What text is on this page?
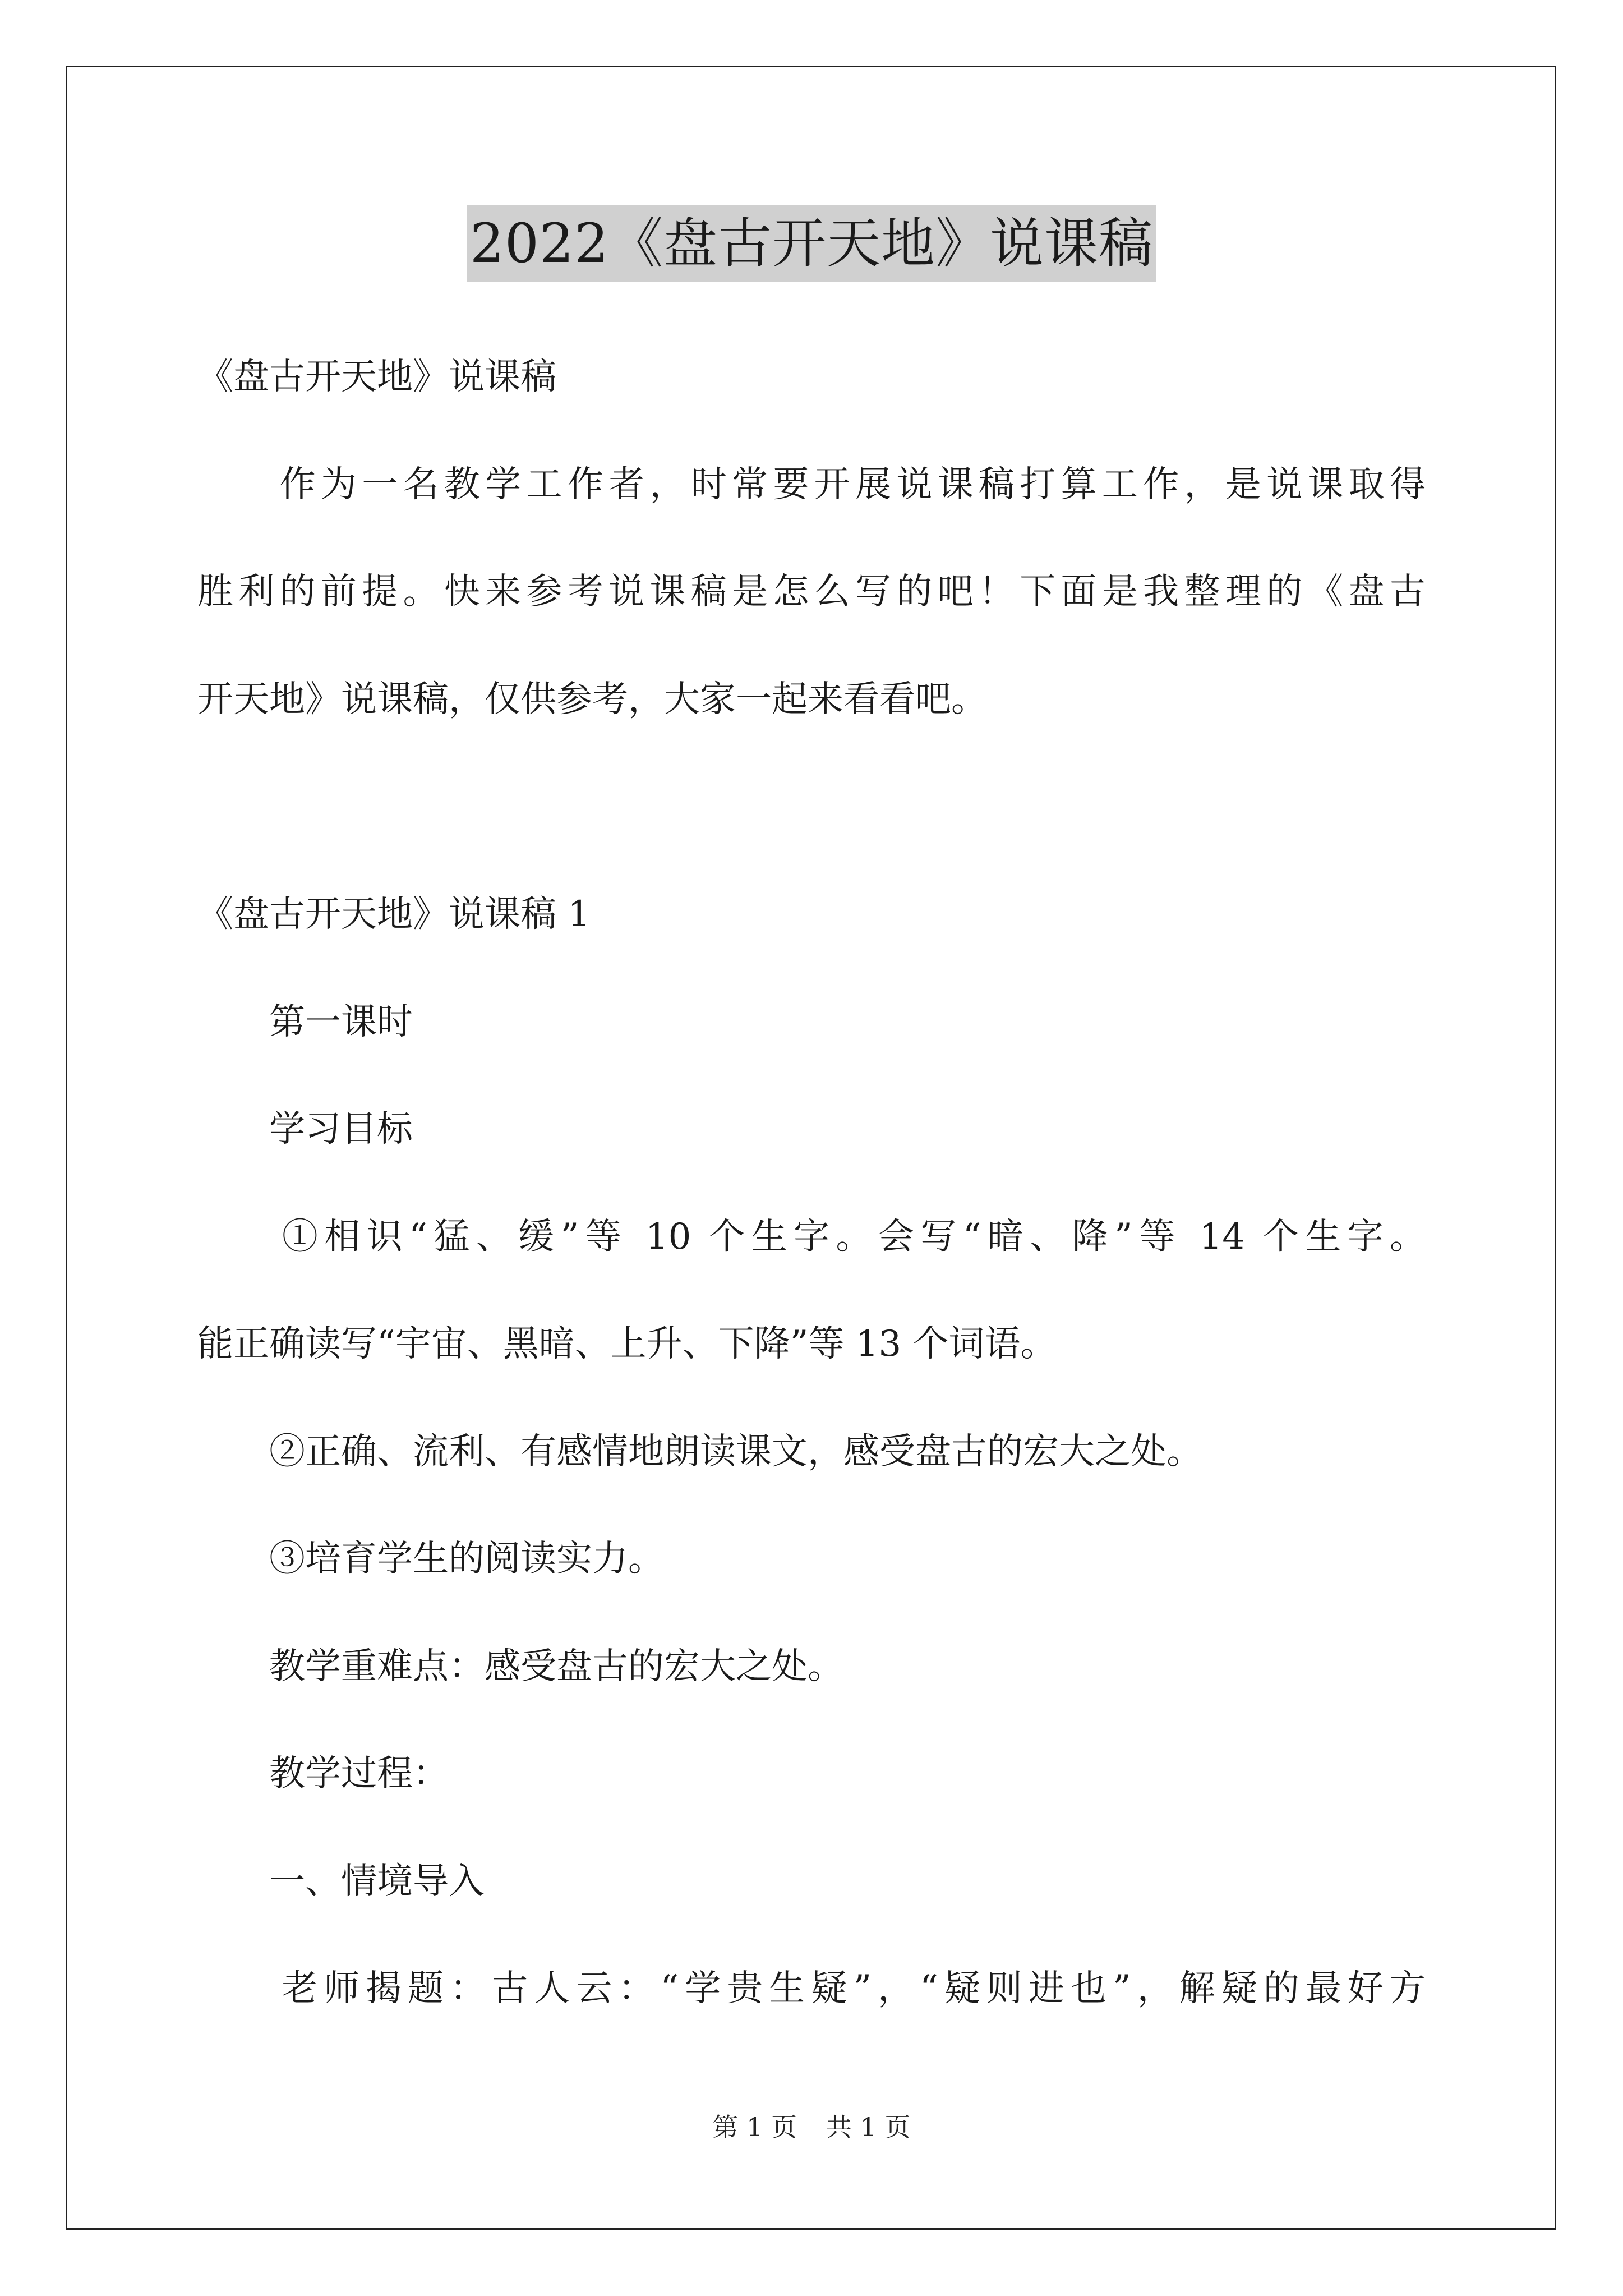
2022《盘古开天地》说课稿
《盘古开天地》说课稿
　　作为一名教学工作者，时常要开展说课稿打算工作，是说课取得
胜利的前提。快来参考说课稿是怎么写的吧！下面是我整理的《盘古
开天地》说课稿，仅供参考，大家一起来看看吧。
《盘古开天地》说课稿 1
　　第一课时
　　学习目标
　　①相识“猛、缓”等 10 个生字。会写“暗、降”等 14 个生字。
能正确读写“宇宙、黑暗、上升、下降”等 13 个词语。
　　②正确、流利、有感情地朗读课文，感受盘古的宏大之处。
　　③培育学生的阅读实力。
　　教学重难点：感受盘古的宏大之处。
　　教学过程：
　　一、情境导入
　　老师揭题：古人云：“学贵生疑”，“疑则进也”，解疑的最好方
第 1 页 共 1 页
